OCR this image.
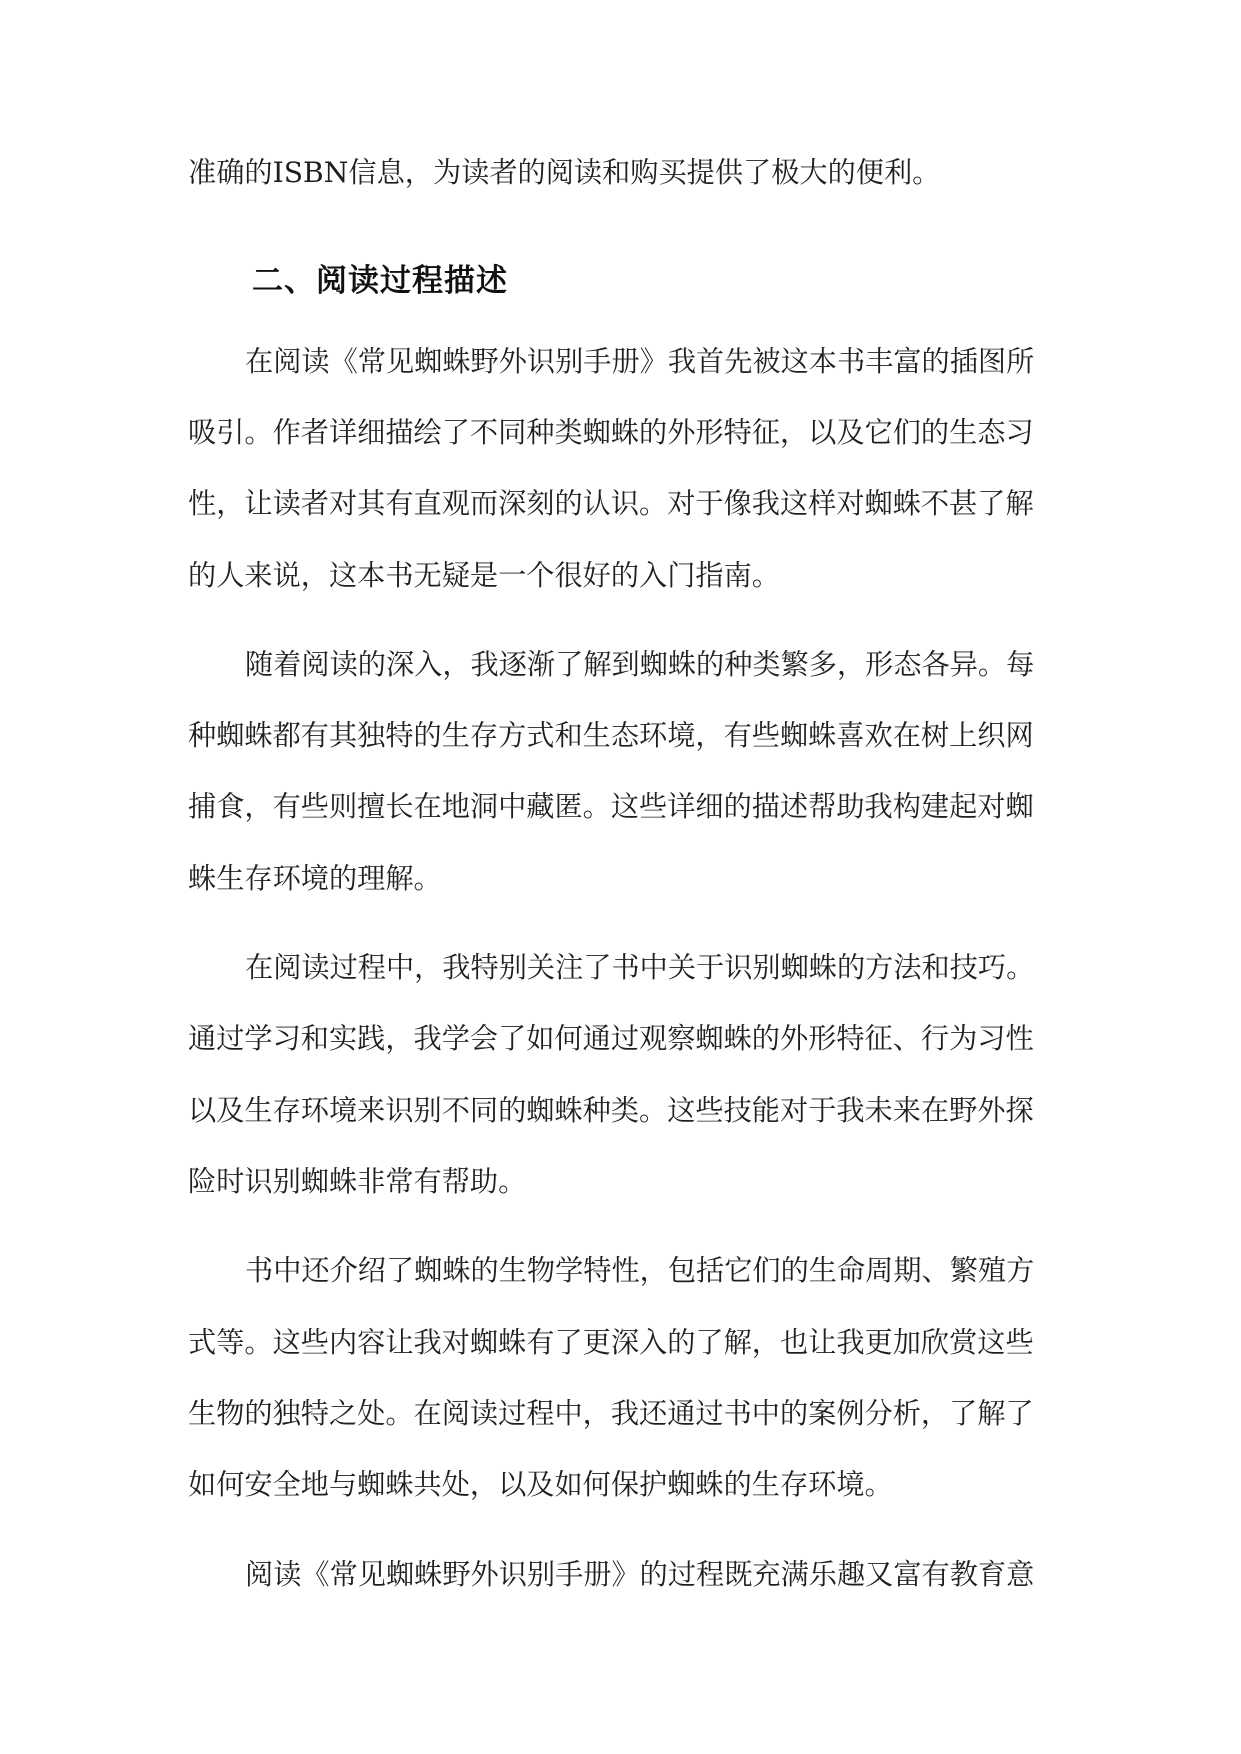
准确的ISBN信息，为读者的阅读和购买提供了极大的便利。
二、阅读过程描述
在阅读《常见蜘蛛野外识别手册》我首先被这本书丰富的插图所
吸引。作者详细描绘了不同种类蜘蛛的外形特征，以及它们的生态习
性，让读者对其有直观而深刻的认识。对于像我这样对蜘蛛不甚了解
的人来说，这本书无疑是一个很好的入门指南。
随着阅读的深入，我逐渐了解到蜘蛛的种类繁多，形态各异。每
种蜘蛛都有其独特的生存方式和生态环境，有些蜘蛛喜欢在树上织网
捕食，有些则擅长在地洞中藏匿。这些详细的描述帮助我构建起对蜘
蛛生存环境的理解。
在阅读过程中，我特别关注了书中关于识别蜘蛛的方法和技巧。
通过学习和实践，我学会了如何通过观察蜘蛛的外形特征、行为习性
以及生存环境来识别不同的蜘蛛种类。这些技能对于我未来在野外探
险时识别蜘蛛非常有帮助。
书中还介绍了蜘蛛的生物学特性，包括它们的生命周期、繁殖方
式等。这些内容让我对蜘蛛有了更深入的了解，也让我更加欣赏这些
生物的独特之处。在阅读过程中，我还通过书中的案例分析，了解了
如何安全地与蜘蛛共处，以及如何保护蜘蛛的生存环境。
阅读《常见蜘蛛野外识别手册》的过程既充满乐趣又富有教育意
